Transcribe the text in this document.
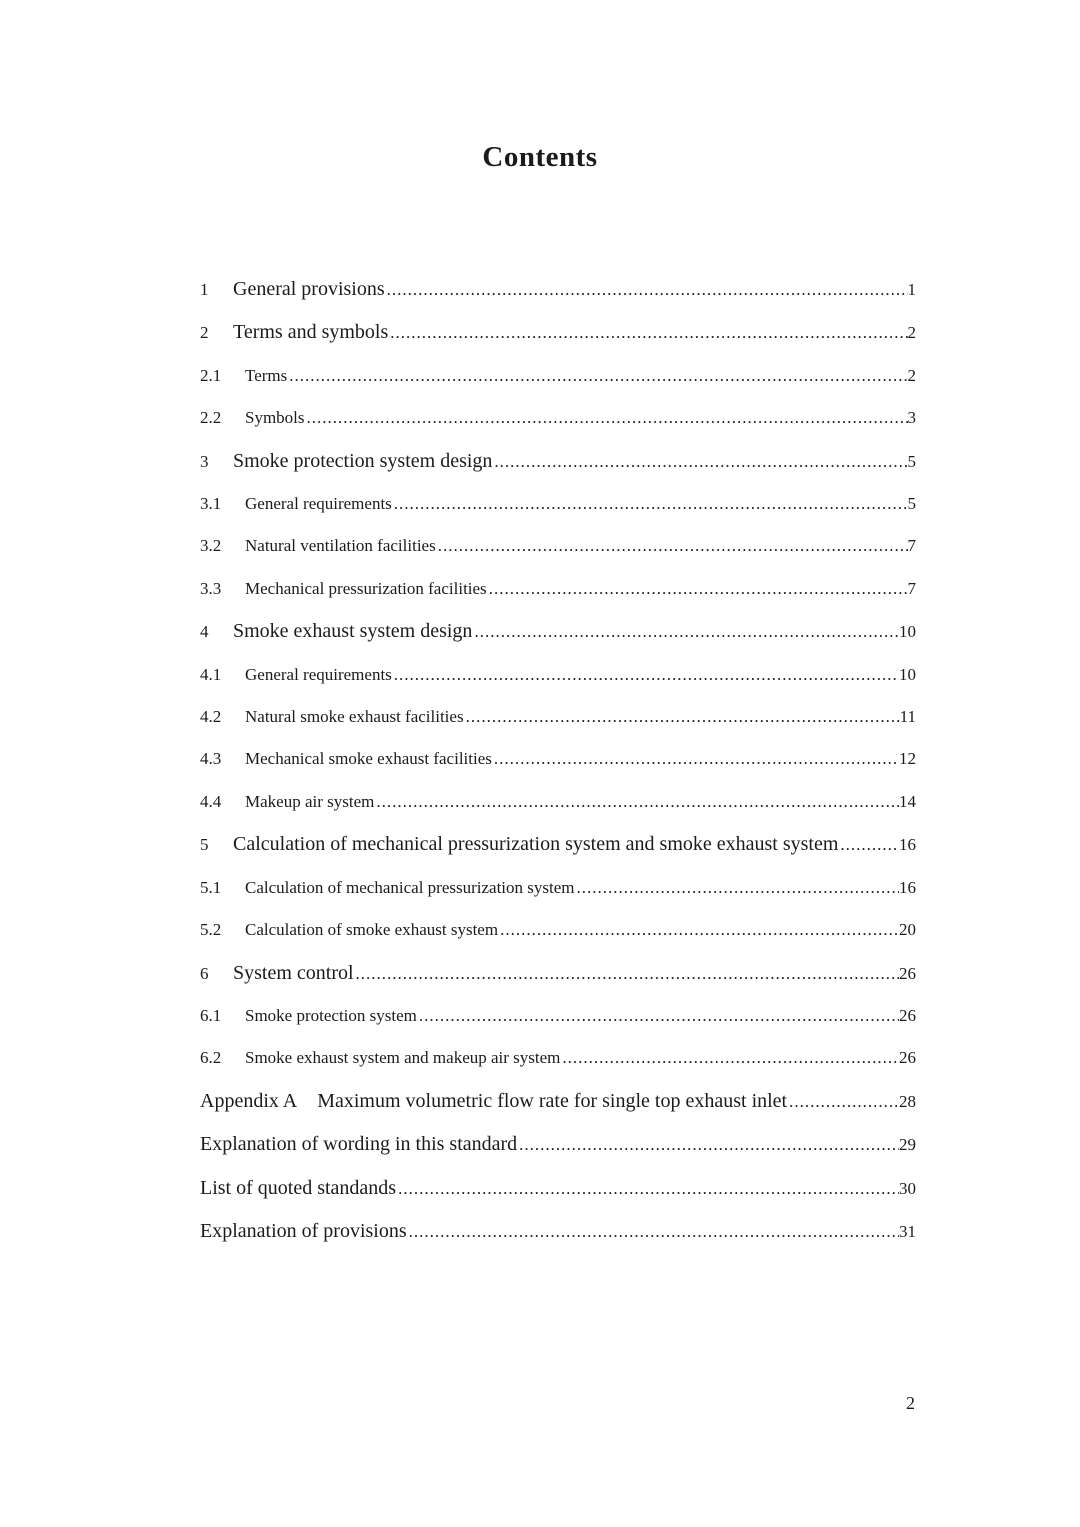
Contents
1	General provisions .....	1
2	Terms and symbols .....	2
2.1	Terms .....	2
2.2	Symbols .....	3
3	Smoke protection system design .....	5
3.1	General requirements .....	5
3.2	Natural ventilation facilities .....	7
3.3	Mechanical pressurization facilities .....	7
4	Smoke exhaust system design .....	10
4.1	General requirements .....	10
4.2	Natural smoke exhaust facilities .....	11
4.3	Mechanical smoke exhaust facilities .....	12
4.4	Makeup air system .....	14
5	Calculation of mechanical pressurization system and smoke exhaust system .....	16
5.1	Calculation of mechanical pressurization system .....	16
5.2	Calculation of smoke exhaust system .....	20
6	System control .....	26
6.1	Smoke protection system .....	26
6.2	Smoke exhaust system and makeup air system .....	26
Appendix A	Maximum volumetric flow rate for single top exhaust inlet .....	28
Explanation of wording in this standard .....	29
List of quoted standands .....	30
Explanation of provisions .....	31
2
